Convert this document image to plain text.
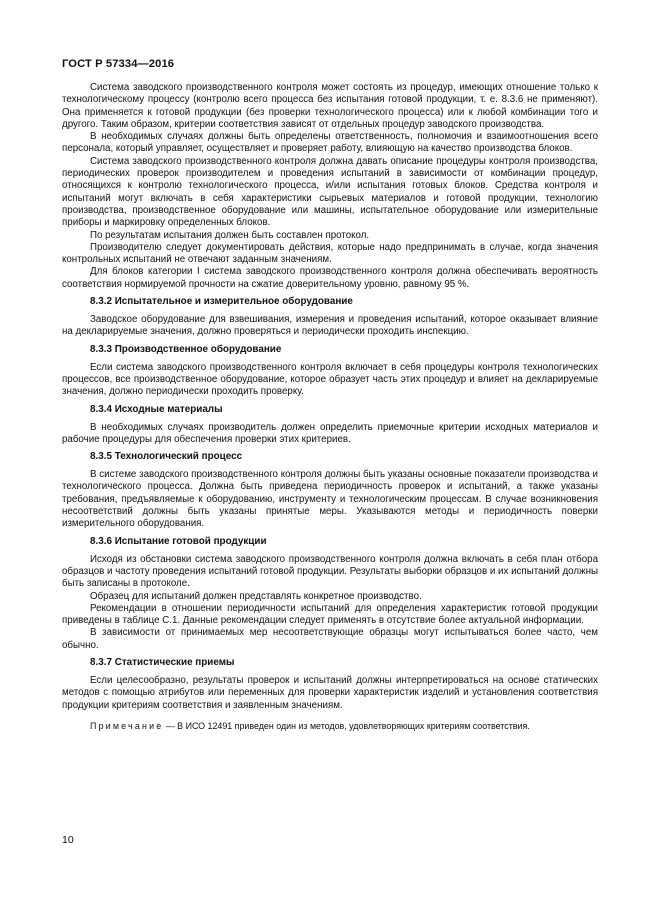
ГОСТ Р 57334—2016

Система заводского производственного контроля может состоять из процедур, имеющих отношение только к технологическому процессу (контролю всего процесса без испытания готовой продукции, т. е. 8.3.6 не применяют). Она применяется к готовой продукции (без проверки технологического процесса) или к любой комбинации того и другого. Таким образом, критерии соответствия зависят от отдельных процедур заводского производства.

В необходимых случаях должны быть определены ответственность, полномочия и взаимоотношения всего персонала, который управляет, осуществляет и проверяет работу, влияющую на качество производства блоков.

Система заводского производственного контроля должна давать описание процедуры контроля производства, периодических проверок производителем и проведения испытаний в зависимости от комбинации процедур, относящихся к контролю технологического процесса, и/или испытания готовых блоков. Средства контроля и испытаний могут включать в себя характеристики сырьевых материалов и готовой продукции, технологию производства, производственное оборудование или машины, испытательное оборудование или измерительные приборы и маркировку определенных блоков.

По результатам испытания должен быть составлен протокол.

Производителю следует документировать действия, которые надо предпринимать в случае, когда значения контрольных испытаний не отвечают заданным значениям.

Для блоков категории I система заводского производственного контроля должна обеспечивать вероятность соответствия нормируемой прочности на сжатие доверительному уровню, равному 95 %.

8.3.2 Испытательное и измерительное оборудование

Заводское оборудование для взвешивания, измерения и проведения испытаний, которое оказывает влияние на декларируемые значения, должно проверяться и периодически проходить инспекцию.

8.3.3 Производственное оборудование

Если система заводского производственного контроля включает в себя процедуры контроля технологических процессов, все производственное оборудование, которое образует часть этих процедур и влияет на декларируемые значения, должно периодически проходить проверку.

8.3.4 Исходные материалы

В необходимых случаях производитель должен определить приемочные критерии исходных материалов и рабочие процедуры для обеспечения проверки этих критериев.

8.3.5 Технологический процесс

В системе заводского производственного контроля должны быть указаны основные показатели производства и технологического процесса. Должна быть приведена периодичность проверок и испытаний, а также указаны требования, предъявляемые к оборудованию, инструменту и технологическим процессам. В случае возникновения несоответствий должны быть указаны принятые меры. Указываются методы и периодичность поверки измерительного оборудования.

8.3.6 Испытание готовой продукции

Исходя из обстановки система заводского производственного контроля должна включать в себя план отбора образцов и частоту проведения испытаний готовой продукции. Результаты выборки образцов и их испытаний должны быть записаны в протоколе.

Образец для испытаний должен представлять конкретное производство.

Рекомендации в отношении периодичности испытаний для определения характеристик готовой продукции приведены в таблице С.1. Данные рекомендации следует применять в отсутствие более актуальной информации.

В зависимости от принимаемых мер несоответствующие образцы могут испытываться более часто, чем обычно.

8.3.7 Статистические приемы

Если целесообразно, результаты проверок и испытаний должны интерпретироваться на основе статических методов с помощью атрибутов или переменных для проверки характеристик изделий и установления соответствия продукции критериям соответствия и заявленным значениям.

Примечание — В ИСО 12491 приведен один из методов, удовлетворяющих критериям соответствия.

10
